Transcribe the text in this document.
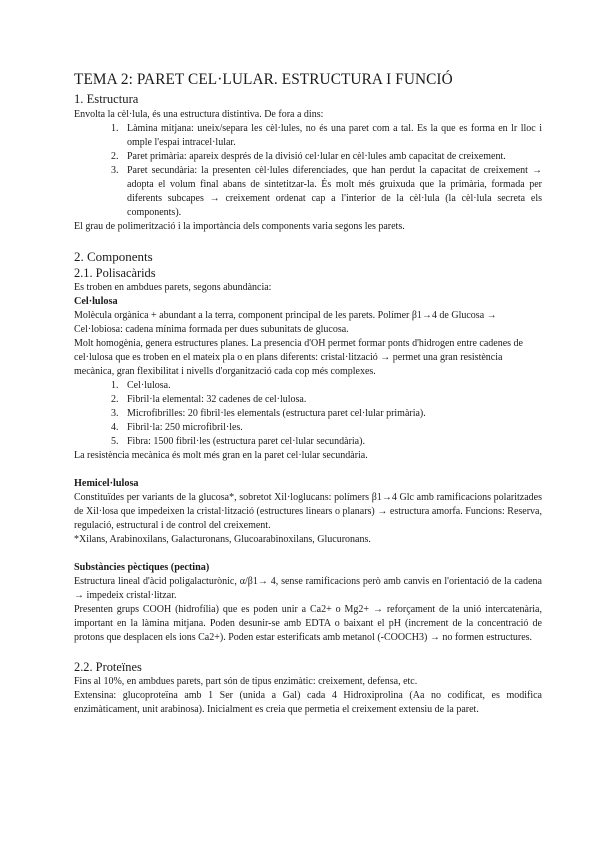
TEMA 2: PARET CEL·LULAR. ESTRUCTURA I FUNCIÓ
1. Estructura

Envolta la cèl·lula, és una estructura distintiva. De fora a dins:

1. Làmina mitjana: uneix/separa les cèl·lules, no és una paret com a tal. Es la que es forma en lr lloc i omple l'espai intracel·lular.
2. Paret primària: apareix després de la divisió cel·lular en cèl·lules amb capacitat de creixement.
3. Paret secundària: la presenten cèl·lules diferenciades, que han perdut la capacitat de creixement → adopta el volum final abans de sintetitzar-la. És molt més gruixuda que la primària, formada per diferents subcapes → creixement ordenat cap a l'interior de la cèl·lula (la cèl·lula secreta els components).

El grau de polimerització i la importància dels components varia segons les parets.

2. Components
2.1. Polisacàrids

Es troben en ambdues parets, segons abundància:

Cel·lulosa

Molècula orgànica + abundant a la terra, component principal de les parets. Polímer β1→4 de Glucosa → Cel·lobiosa: cadena mínima formada per dues subunitats de glucosa.

Molt homogènia, genera estructures planes. La presencia d'OH permet formar ponts d'hidrogen entre cadenes de cel·lulosa que es troben en el mateix pla o en plans diferents: cristal·lització → permet una gran resistència mecànica, gran flexibilitat i nivells d'organització cada cop més complexes.

1. Cel·lulosa.
2. Fibril·la elemental: 32 cadenes de cel·lulosa.
3. Microfibrilles: 20 fibril·les elementals (estructura paret cel·lular primària).
4. Fibril·la: 250 microfibril·les.
5. Fibra: 1500 fibril·les (estructura paret cel·lular secundària).

La resistència mecànica és molt més gran en la paret cel·lular secundària.

Hemicel·lulosa

Constituïdes per variants de la glucosa*, sobretot Xil·loglucans: polímers β1→4 Glc amb ramificacions polaritzades de Xil·losa que impedeixen la cristal·lització (estructures linears o planars) → estructura amorfa. Funcions: Reserva, regulació, estructural i de control del creixement.

*Xilans, Arabinoxilans, Galacturonans, Glucoarabinoxilans, Glucuronans.

Substàncies pèctiques (pectina)

Estructura lineal d'àcid poligalacturònic, α/β1→ 4, sense ramificacions però amb canvis en l'orientació de la cadena → impedeix cristal·litzar.

Presenten grups COOH (hidrofília) que es poden unir a Ca2+ o Mg2+ → reforçament de la unió intercatenària, important en la làmina mitjana. Poden desunir-se amb EDTA o baixant el pH (increment de la concentració de protons que desplacen els ions Ca2+). Poden estar esterificats amb metanol (-COOCH3) → no formen estructures.

2.2. Proteïnes

Fins al 10%, en ambdues parets, part són de tipus enzimàtic: creixement, defensa, etc.

Extensina: glucoproteïna amb 1 Ser (unida a Gal) cada 4 Hidroxiprolina (Aa no codificat, es modifica enzimàticament, unit arabinosa). Inicialment es creia que permetia el creixement extensiu de la paret.
